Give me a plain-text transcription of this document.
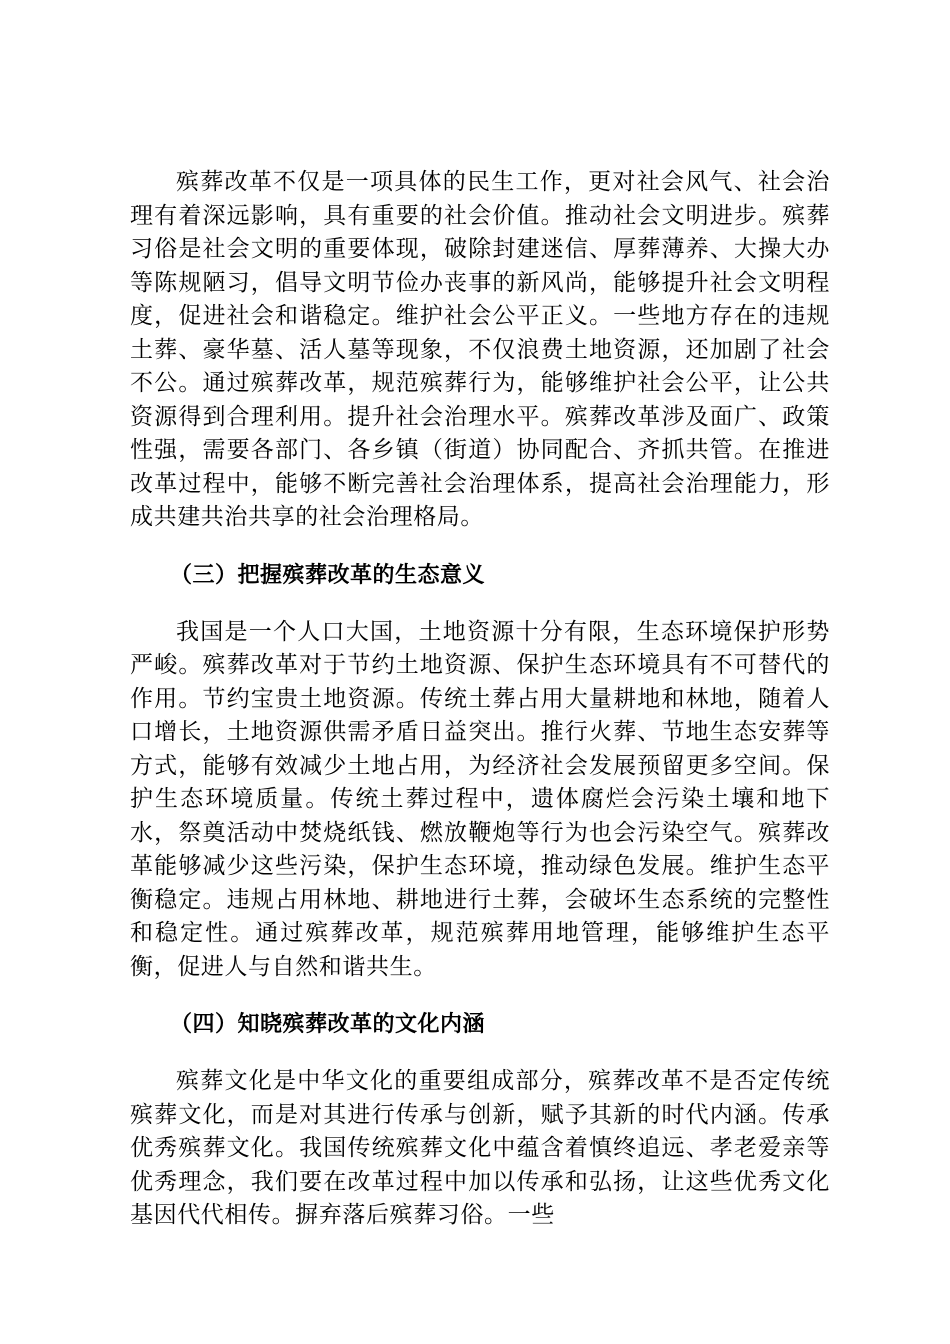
殡葬改革不仅是一项具体的民生工作，更对社会风气、社会治理有着深远影响，具有重要的社会价值。推动社会文明进步。殡葬习俗是社会文明的重要体现，破除封建迷信、厚葬薄养、大操大办等陈规陋习，倡导文明节俭办丧事的新风尚，能够提升社会文明程度，促进社会和谐稳定。维护社会公平正义。一些地方存在的违规土葬、豪华墓、活人墓等现象，不仅浪费土地资源，还加剧了社会不公。通过殡葬改革，规范殡葬行为，能够维护社会公平，让公共资源得到合理利用。提升社会治理水平。殡葬改革涉及面广、政策性强，需要各部门、各乡镇（街道）协同配合、齐抓共管。在推进改革过程中，能够不断完善社会治理体系，提高社会治理能力，形成共建共治共享的社会治理格局。

（三）把握殡葬改革的生态意义

我国是一个人口大国，土地资源十分有限，生态环境保护形势严峻。殡葬改革对于节约土地资源、保护生态环境具有不可替代的作用。节约宝贵土地资源。传统土葬占用大量耕地和林地，随着人口增长，土地资源供需矛盾日益突出。推行火葬、节地生态安葬等方式，能够有效减少土地占用，为经济社会发展预留更多空间。保护生态环境质量。传统土葬过程中，遗体腐烂会污染土壤和地下水，祭奠活动中焚烧纸钱、燃放鞭炮等行为也会污染空气。殡葬改革能够减少这些污染，保护生态环境，推动绿色发展。维护生态平衡稳定。违规占用林地、耕地进行土葬，会破坏生态系统的完整性和稳定性。通过殡葬改革，规范殡葬用地管理，能够维护生态平衡，促进人与自然和谐共生。

（四）知晓殡葬改革的文化内涵

殡葬文化是中华文化的重要组成部分，殡葬改革不是否定传统殡葬文化，而是对其进行传承与创新，赋予其新的时代内涵。传承优秀殡葬文化。我国传统殡葬文化中蕴含着慎终追远、孝老爱亲等优秀理念，我们要在改革过程中加以传承和弘扬，让这些优秀文化基因代代相传。摒弃落后殡葬习俗。一些
